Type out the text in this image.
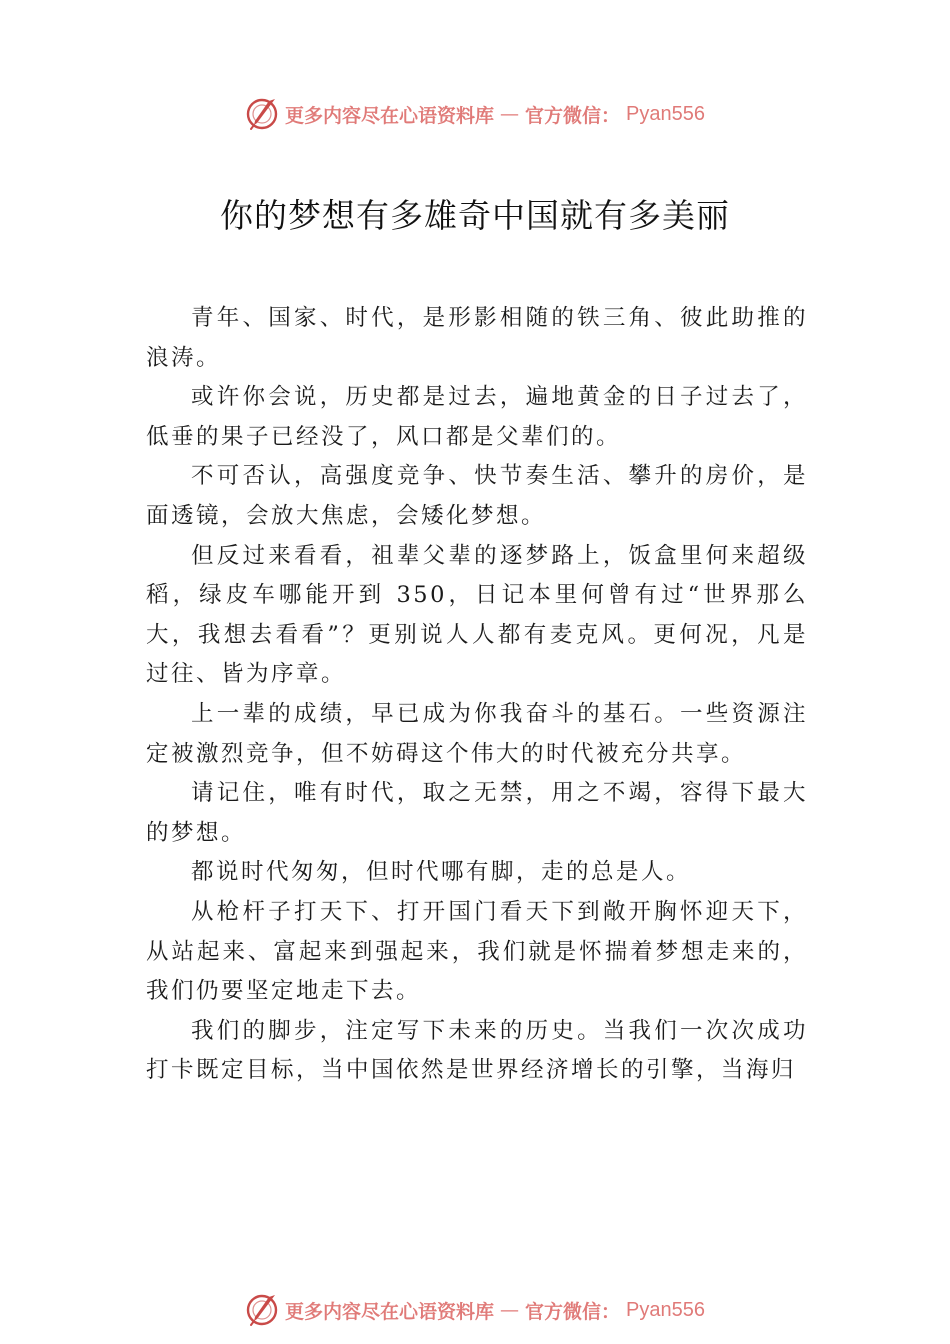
更多内容尽在心语资料库 — 官方微信： Pyan556
你的梦想有多雄奇中国就有多美丽

青年、国家、时代，是形影相随的铁三角、彼此助推的浪涛。

或许你会说，历史都是过去，遍地黄金的日子过去了，低垂的果子已经没了，风口都是父辈们的。

不可否认，高强度竞争、快节奏生活、攀升的房价，是面透镜，会放大焦虑，会矮化梦想。

但反过来看看，祖辈父辈的逐梦路上，饭盒里何来超级稻，绿皮车哪能开到 350，日记本里何曾有过“世界那么大，我想去看看”？更别说人人都有麦克风。更何况，凡是过往、皆为序章。

上一辈的成绩，早已成为你我奋斗的基石。一些资源注定被激烈竞争，但不妨碍这个伟大的时代被充分共享。

请记住，唯有时代，取之无禁，用之不竭，容得下最大的梦想。

都说时代匆匆，但时代哪有脚，走的总是人。

从枪杆子打天下、打开国门看天下到敞开胸怀迎天下，从站起来、富起来到强起来，我们就是怀揣着梦想走来的，我们仍要坚定地走下去。

我们的脚步，注定写下未来的历史。当我们一次次成功打卡既定目标，当中国依然是世界经济增长的引擎，当海归

更多内容尽在心语资料库 — 官方微信： Pyan556
